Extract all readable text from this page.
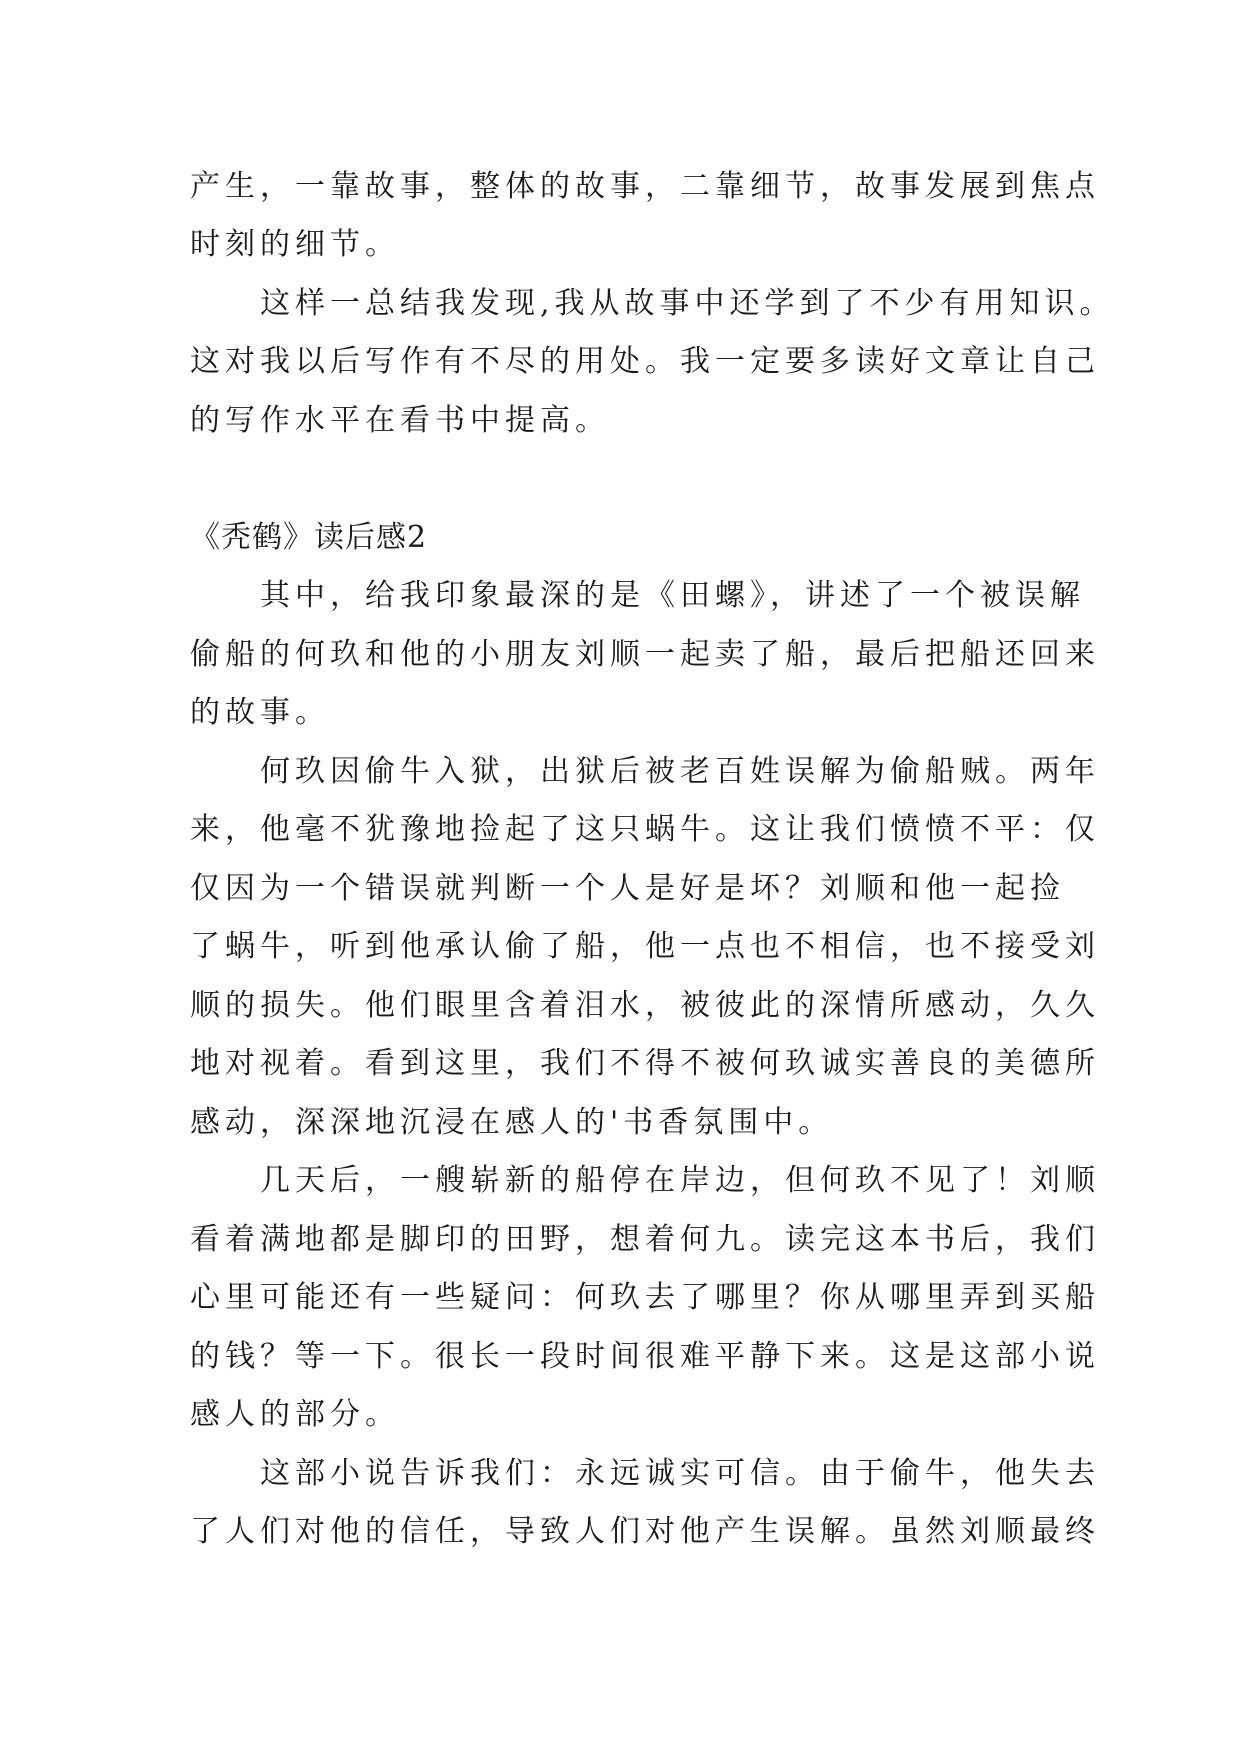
产生，一靠故事，整体的故事，二靠细节，故事发展到焦点
时刻的细节。
　　这样一总结我发现,我从故事中还学到了不少有用知识。
这对我以后写作有不尽的用处。我一定要多读好文章让自己
的写作水平在看书中提高。
《秃鹤》读后感2
　　其中，给我印象最深的是《田螺》，讲述了一个被误解
偷船的何玖和他的小朋友刘顺一起卖了船，最后把船还回来
的故事。
　　何玖因偷牛入狱，出狱后被老百姓误解为偷船贼。两年
来，他毫不犹豫地捡起了这只蜗牛。这让我们愤愤不平：仅
仅因为一个错误就判断一个人是好是坏？刘顺和他一起捡
了蜗牛，听到他承认偷了船，他一点也不相信，也不接受刘
顺的损失。他们眼里含着泪水，被彼此的深情所感动，久久
地对视着。看到这里，我们不得不被何玖诚实善良的美德所
感动，深深地沉浸在感人的'书香氛围中。
　　几天后，一艘崭新的船停在岸边，但何玖不见了！刘顺
看着满地都是脚印的田野，想着何九。读完这本书后，我们
心里可能还有一些疑问：何玖去了哪里？你从哪里弄到买船
的钱？等一下。很长一段时间很难平静下来。这是这部小说
感人的部分。
　　这部小说告诉我们：永远诚实可信。由于偷牛，他失去
了人们对他的信任，导致人们对他产生误解。虽然刘顺最终
